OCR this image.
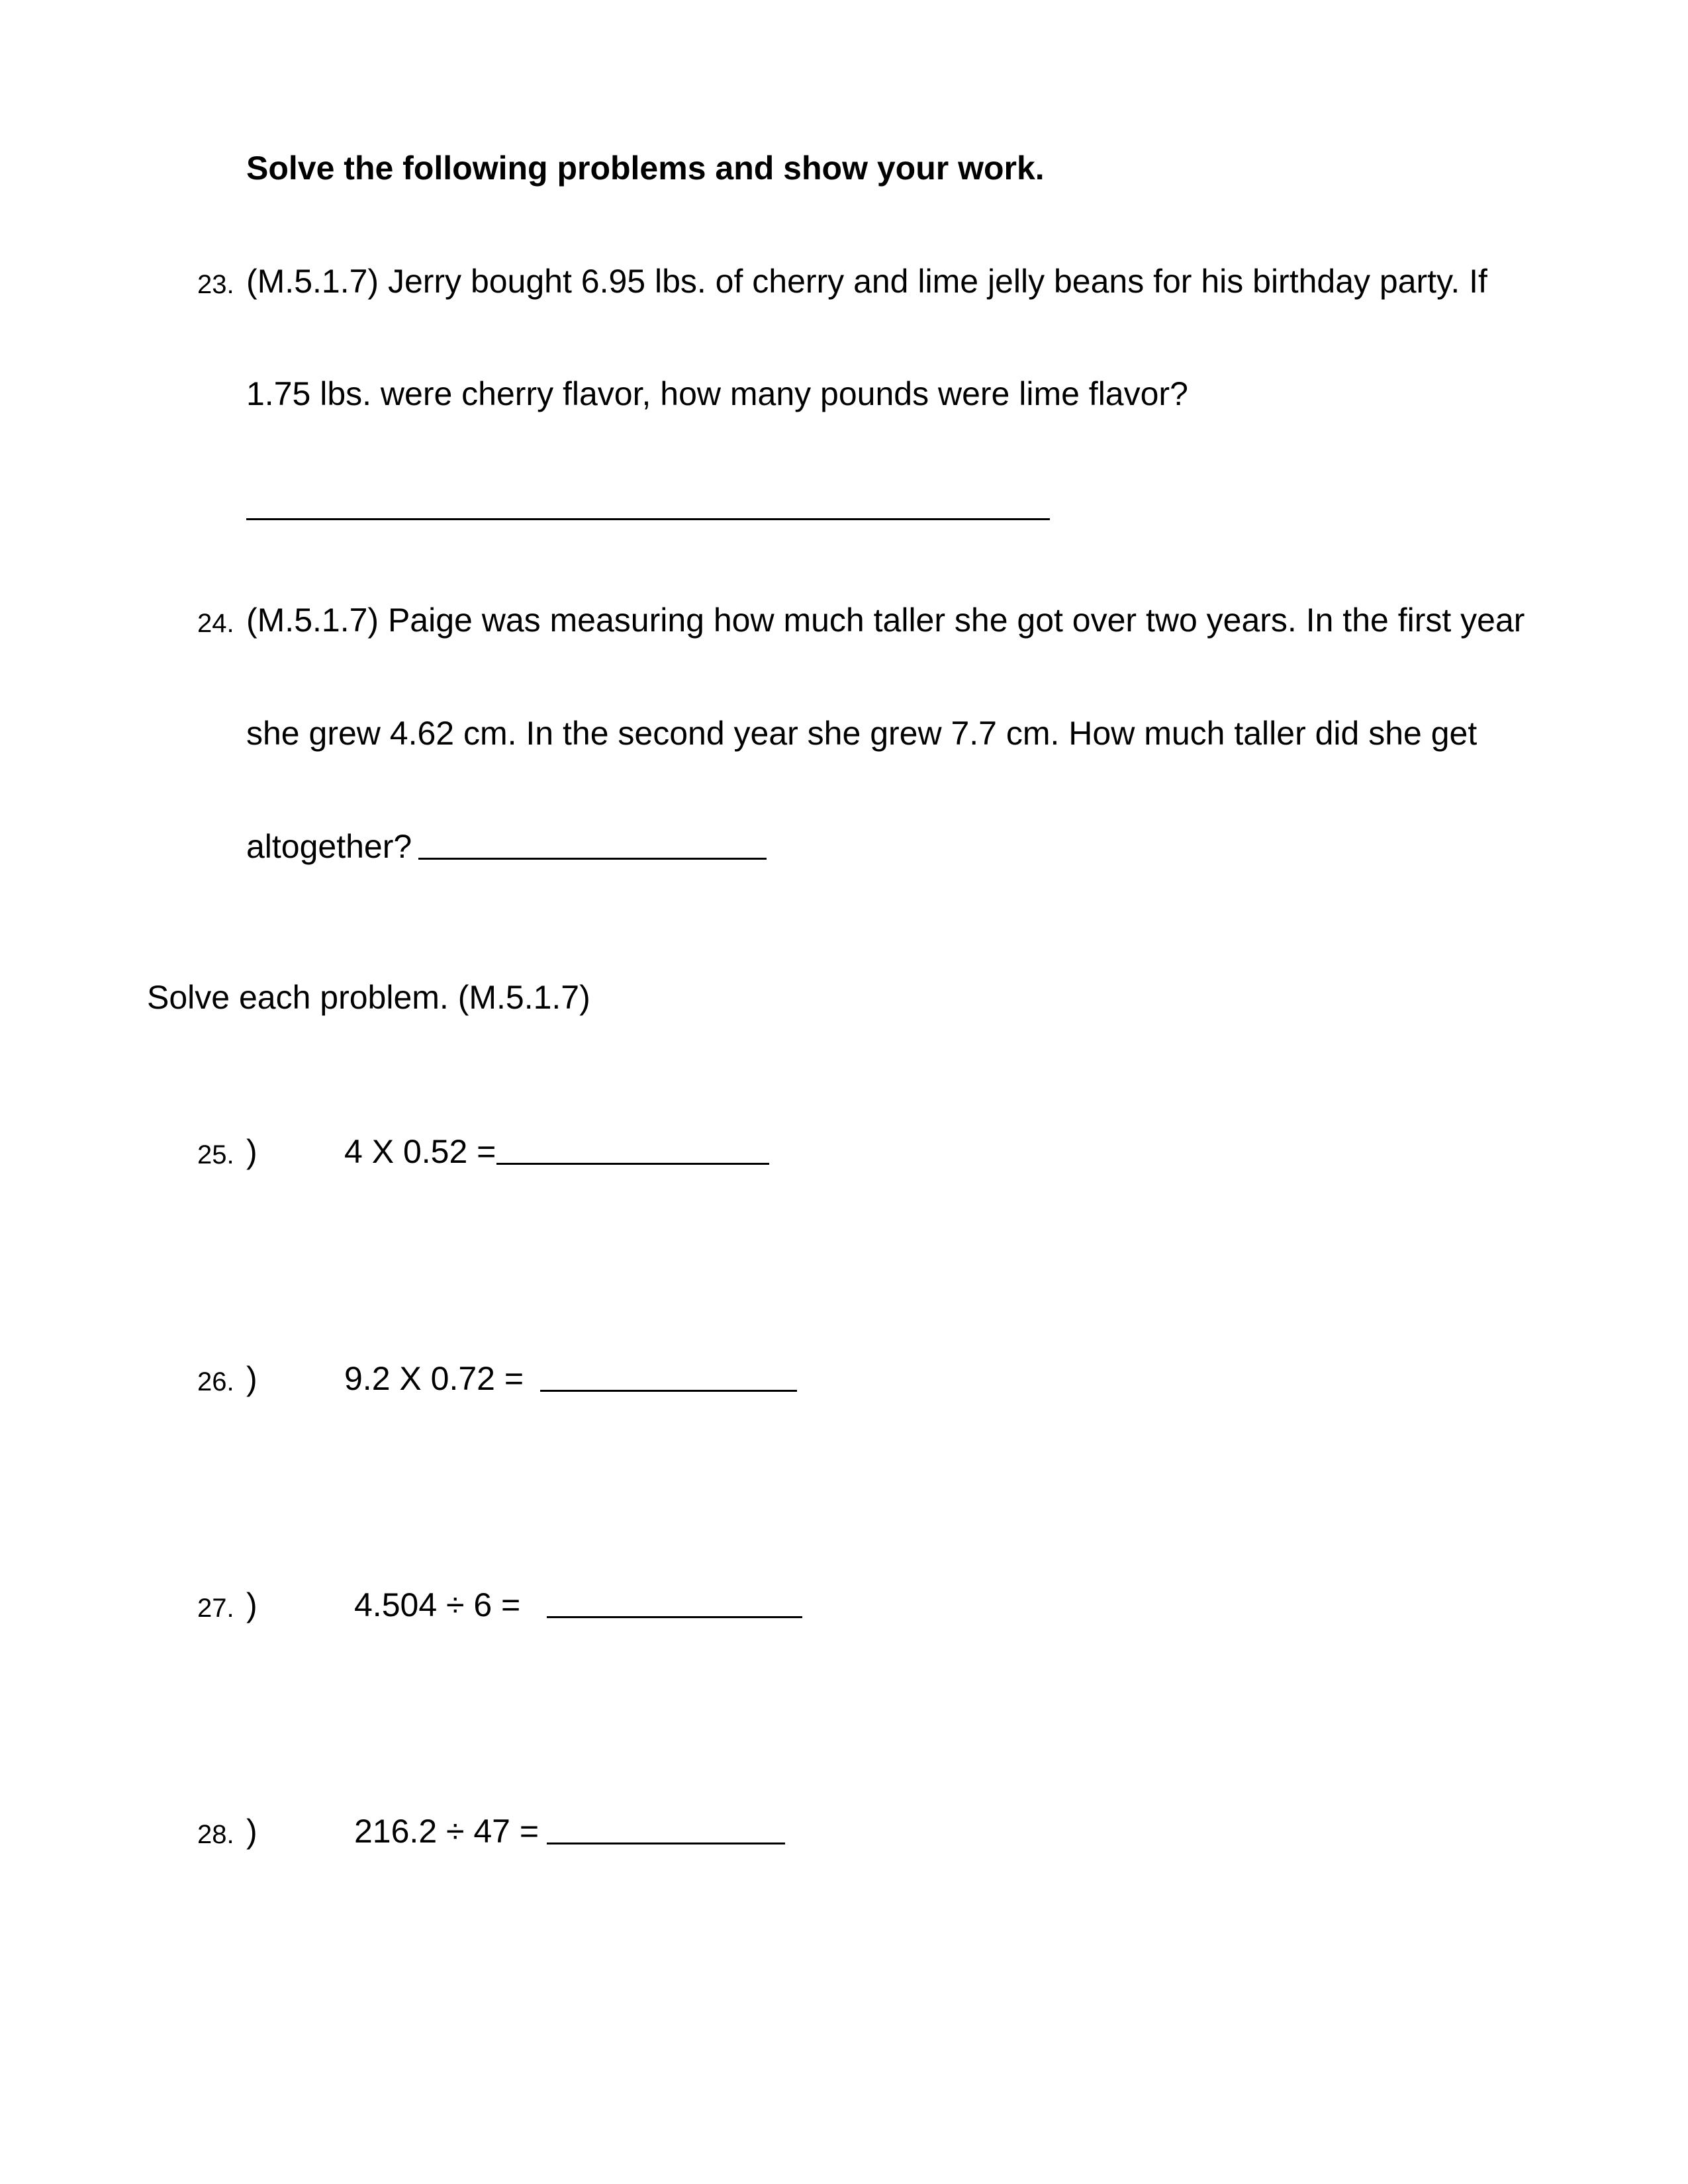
Solve the following problems and show your work.
23. (M.5.1.7) Jerry bought 6.95 lbs. of cherry and lime jelly beans for his birthday party. If
1.75 lbs. were cherry flavor, how many pounds were lime flavor?
24. (M.5.1.7) Paige was measuring how much taller she got over two years. In the first year
she grew 4.62 cm. In the second year she grew 7.7 cm. How much taller did she get
altogether?
Solve each problem. (M.5.1.7)
25. )	4 X 0.52 =
26. )	9.2 X 0.72 =
27. )	4.504 ÷ 6 =
28. )	216.2 ÷ 47 =
